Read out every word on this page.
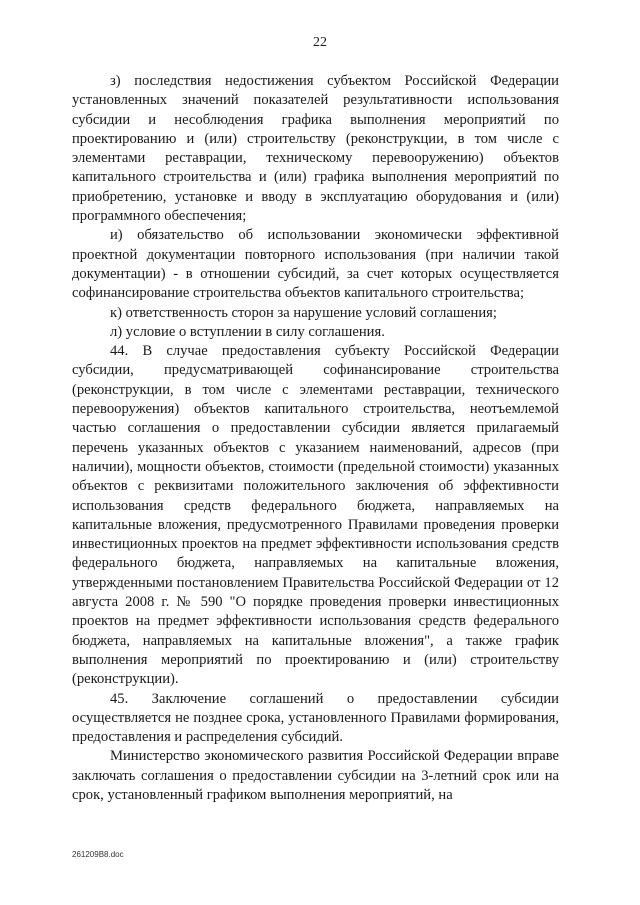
22

з) последствия недостижения субъектом Российской Федерации установленных значений показателей результативности использования субсидии и несоблюдения графика выполнения мероприятий по проектированию и (или) строительству (реконструкции, в том числе с элементами реставрации, техническому перевооружению) объектов капитального строительства и (или) графика выполнения мероприятий по приобретению, установке и вводу в эксплуатацию оборудования и (или) программного обеспечения;

и) обязательство об использовании экономически эффективной проектной документации повторного использования (при наличии такой документации) - в отношении субсидий, за счет которых осуществляется софинансирование строительства объектов капитального строительства;

к) ответственность сторон за нарушение условий соглашения;

л) условие о вступлении в силу соглашения.

44. В случае предоставления субъекту Российской Федерации субсидии, предусматривающей софинансирование строительства (реконструкции, в том числе с элементами реставрации, технического перевооружения) объектов капитального строительства, неотъемлемой частью соглашения о предоставлении субсидии является прилагаемый перечень указанных объектов с указанием наименований, адресов (при наличии), мощности объектов, стоимости (предельной стоимости) указанных объектов с реквизитами положительного заключения об эффективности использования средств федерального бюджета, направляемых на капитальные вложения, предусмотренного Правилами проведения проверки инвестиционных проектов на предмет эффективности использования средств федерального бюджета, направляемых на капитальные вложения, утвержденными постановлением Правительства Российской Федерации от 12 августа 2008 г. № 590 "О порядке проведения проверки инвестиционных проектов на предмет эффективности использования средств федерального бюджета, направляемых на капитальные вложения", а также график выполнения мероприятий по проектированию и (или) строительству (реконструкции).

45. Заключение соглашений о предоставлении субсидии осуществляется не позднее срока, установленного Правилами формирования, предоставления и распределения субсидий.

Министерство экономического развития Российской Федерации вправе заключать соглашения о предоставлении субсидии на 3-летний срок или на срок, установленный графиком выполнения мероприятий, на

261209B8.doc
